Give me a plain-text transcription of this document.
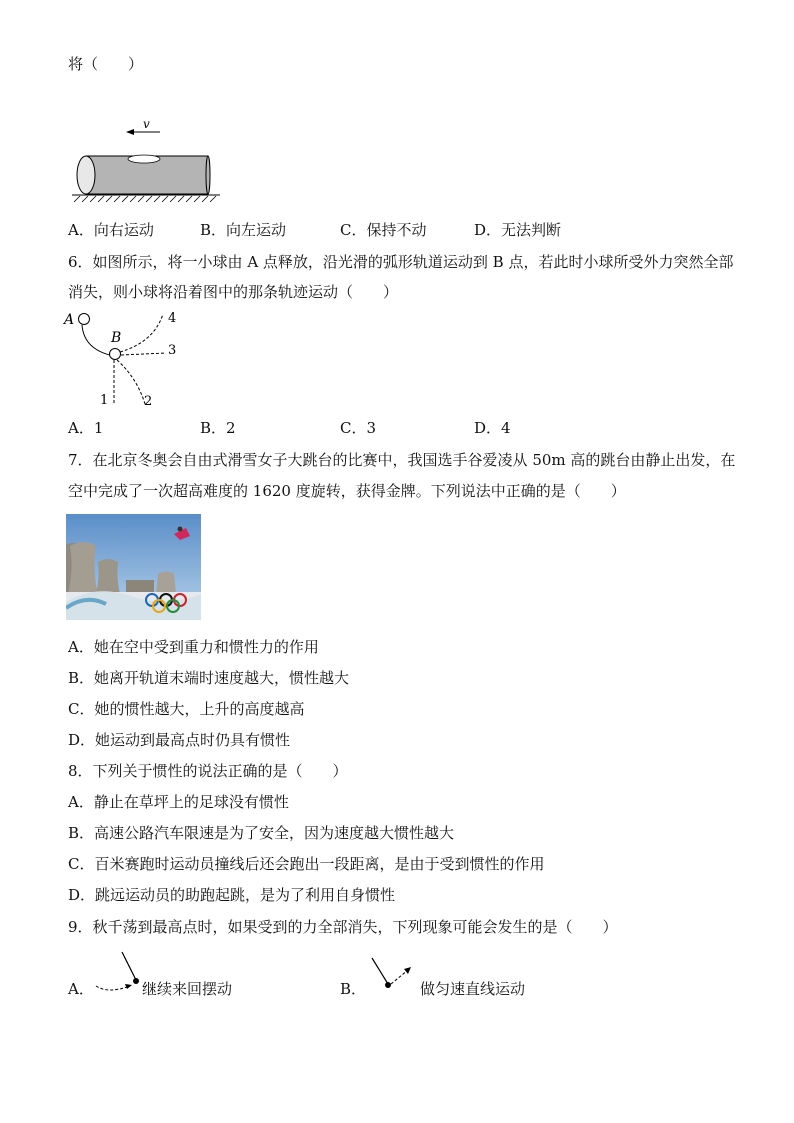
将（　　）
v
A．向右运动	B．向左运动	C．保持不动	D．无法判断
6．如图所示，将一小球由 A 点释放，沿光滑的弧形轨道运动到 B 点，若此时小球所受外力突然全部
消失，则小球将沿着图中的那条轨迹运动（　　）
A
B
1	2
3
4
A．1	B．2	C．3	D．4
7．在北京冬奥会自由式滑雪女子大跳台的比赛中，我国选手谷爱凌从 50m 高的跳台由静止出发，在
空中完成了一次超高难度的 1620 度旋转，获得金牌。下列说法中正确的是（　　）
A．她在空中受到重力和惯性力的作用
B．她离开轨道末端时速度越大，惯性越大
C．她的惯性越大，上升的高度越高
D．她运动到最高点时仍具有惯性
8．下列关于惯性的说法正确的是（　　）
A．静止在草坪上的足球没有惯性
B．高速公路汽车限速是为了安全，因为速度越大惯性越大
C．百米赛跑时运动员撞线后还会跑出一段距离，是由于受到惯性的作用
D．跳远运动员的助跑起跳，是为了利用自身惯性
9．秋千荡到最高点时，如果受到的力全部消失，下列现象可能会发生的是（　　）
A．	继续来回摆动	B．	做匀速直线运动
